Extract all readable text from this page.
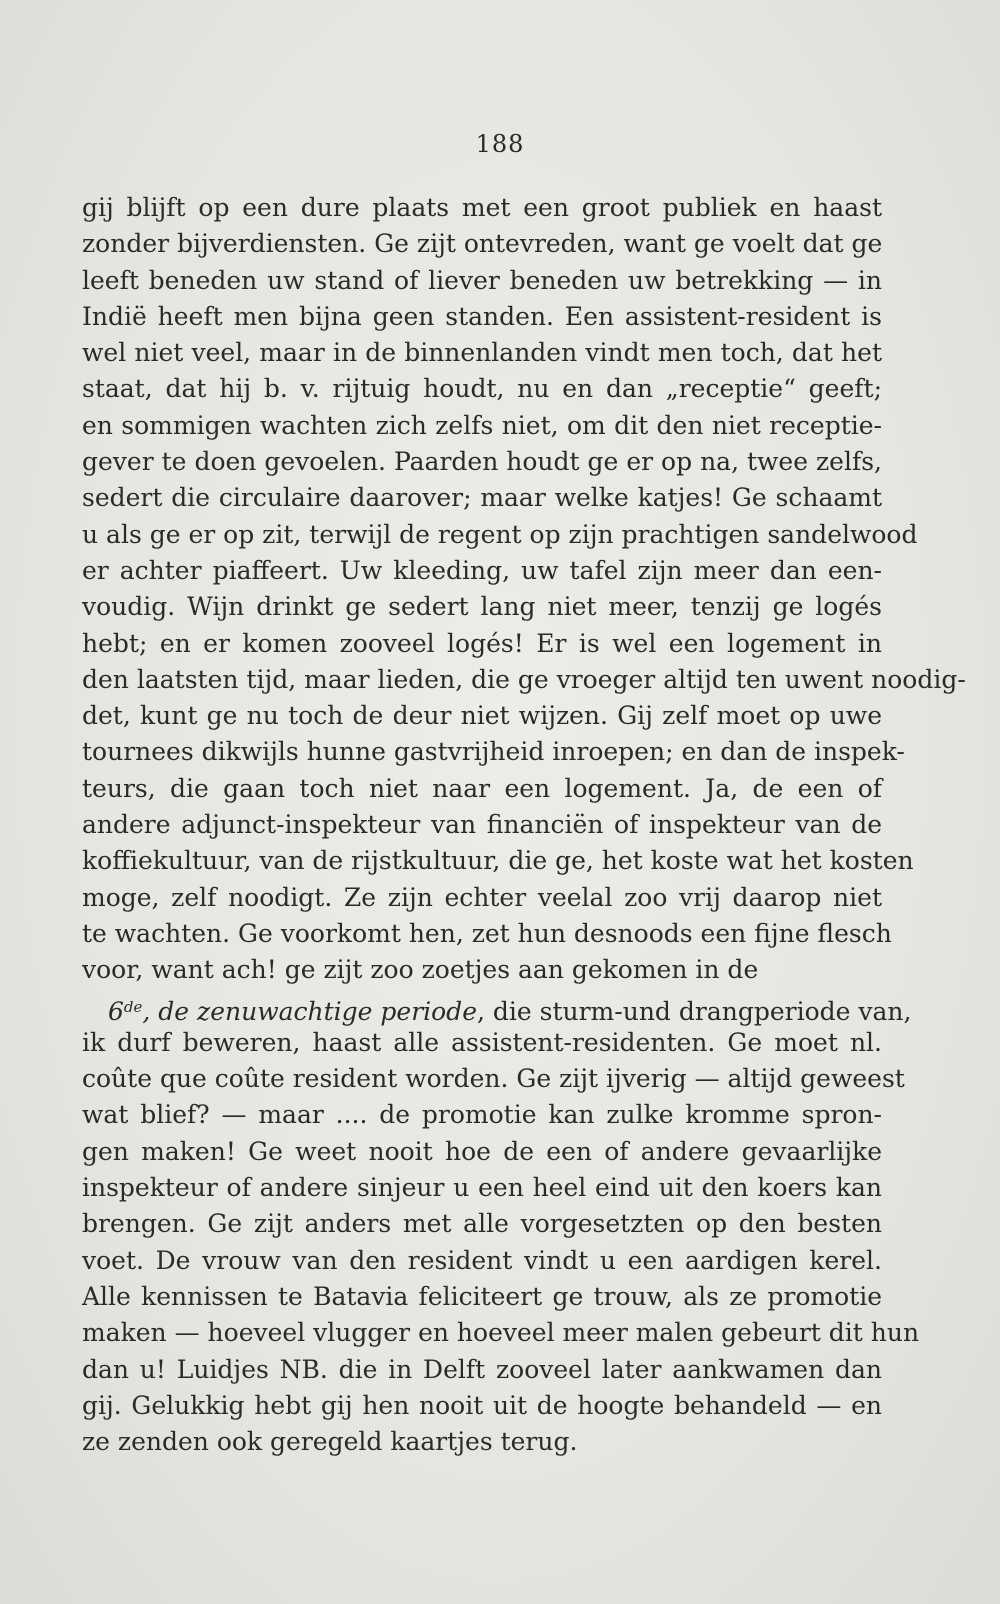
188
gij blijft op een dure plaats met een groot publiek en haast
zonder bijverdiensten. Ge zijt ontevreden, want ge voelt dat ge
leeft beneden uw stand of liever beneden uw betrekking — in
Indië heeft men bijna geen standen. Een assistent-resident is
wel niet veel, maar in de binnenlanden vindt men toch, dat het
staat, dat hij b. v. rijtuig houdt, nu en dan „receptie“ geeft;
en sommigen wachten zich zelfs niet, om dit den niet receptie-
gever te doen gevoelen. Paarden houdt ge er op na, twee zelfs,
sedert die circulaire daarover; maar welke katjes! Ge schaamt
u als ge er op zit, terwijl de regent op zijn prachtigen sandelwood
er achter piaffeert. Uw kleeding, uw tafel zijn meer dan een-
voudig. Wijn drinkt ge sedert lang niet meer, tenzij ge logés
hebt; en er komen zooveel logés! Er is wel een logement in
den laatsten tijd, maar lieden, die ge vroeger altijd ten uwent noodig-
det, kunt ge nu toch de deur niet wijzen. Gij zelf moet op uwe
tournees dikwijls hunne gastvrijheid inroepen; en dan de inspek-
teurs, die gaan toch niet naar een logement. Ja, de een of
andere adjunct-inspekteur van financiën of inspekteur van de
koffiekultuur, van de rijstkultuur, die ge, het koste wat het kosten
moge, zelf noodigt. Ze zijn echter veelal zoo vrij daarop niet
te wachten. Ge voorkomt hen, zet hun desnoods een fijne flesch
voor, want ach! ge zijt zoo zoetjes aan gekomen in de
6de, de zenuwachtige periode, die sturm-und drangperiode van,
ik durf beweren, haast alle assistent-residenten. Ge moet nl.
coûte que coûte resident worden. Ge zijt ijverig — altijd geweest
wat blief? — maar .... de promotie kan zulke kromme spron-
gen maken! Ge weet nooit hoe de een of andere gevaarlijke
inspekteur of andere sinjeur u een heel eind uit den koers kan
brengen. Ge zijt anders met alle vorgesetzten op den besten
voet. De vrouw van den resident vindt u een aardigen kerel.
Alle kennissen te Batavia feliciteert ge trouw, als ze promotie
maken — hoeveel vlugger en hoeveel meer malen gebeurt dit hun
dan u! Luidjes NB. die in Delft zooveel later aankwamen dan
gij. Gelukkig hebt gij hen nooit uit de hoogte behandeld — en
ze zenden ook geregeld kaartjes terug.
